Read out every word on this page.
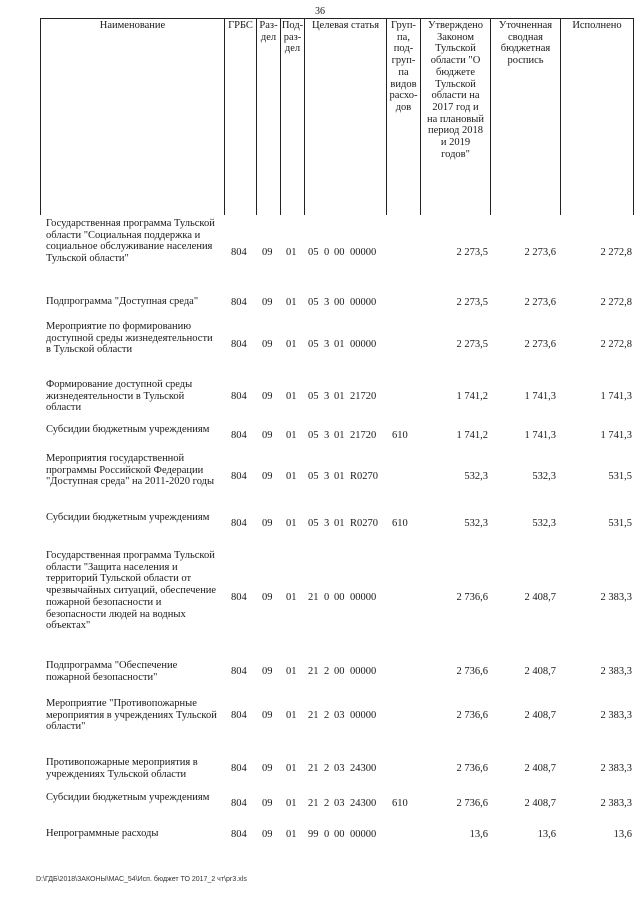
36
Наименование	ГРБС Раз-
дел
Под-
раз-
дел
Целевая статья	Груп-
па,
под-
груп-
па
видов
расхо-
дов
Утверждено
Законом
Тульской
области "О
бюджете
Тульской
области на
2017 год и
на плановый
период 2018
и 2019
годов"
Уточненная
сводная
бюджетная
роспись
Исполнено
Государственная программа Тульской области "Социальная поддержка и социальное обслуживание населения Тульской области"
804	09	01	05 0 00 00000	2 273,5	2 273,6	2 272,8
Подпрограмма "Доступная среда"	804	09	01	05 3 00 00000	2 273,5	2 273,6	2 272,8
Мероприятие по формированию доступной среды жизнедеятельности в Тульской области	804	09	01	05 3 01 00000	2 273,5	2 273,6	2 272,8
Формирование доступной среды жизнедеятельности в Тульской области
804	09	01	05 3 01 21720	1 741,2	1 741,3	1 741,3
Субсидии бюджетным учреждениям
804	09	01	05 3 01 21720	610	1 741,2	1 741,3	1 741,3
Мероприятия государственной программы Российской Федерации "Доступная среда" на 2011-2020 годы	804	09	01	05 3 01 R0270	532,3	532,3	531,5
Субсидии бюджетным учреждениям
804	09	01	05 3 01 R0270	610	532,3	532,3	531,5
Государственная программа Тульской области "Защита населения и территорий Тульской области от чрезвычайных ситуаций, обеспечение пожарной безопасности и безопасности людей на водных объектах"
804	09	01	21 0 00 00000	2 736,6	2 408,7	2 383,3
Подпрограмма "Обеспечение пожарной безопасности"
804	09	01	21 2 00 00000	2 736,6	2 408,7	2 383,3
Мероприятие "Противопожарные мероприятия в учреждениях Тульской области"
804	09	01	21 2 03 00000	2 736,6	2 408,7	2 383,3
Противопожарные мероприятия в учреждениях Тульской области
804	09	01	21 2 03 24300	2 736,6	2 408,7	2 383,3
Субсидии бюджетным учреждениям
804	09	01	21 2 03 24300	610	2 736,6	2 408,7	2 383,3
Непрограммные расходы	804	09	01	99 0 00 00000	13,6	13,6	13,6
D:\ГДБ\2018\ЗАКОНЫ\МАС_54\Исп. бюджет ТО 2017_2 чт\рг3.xls
